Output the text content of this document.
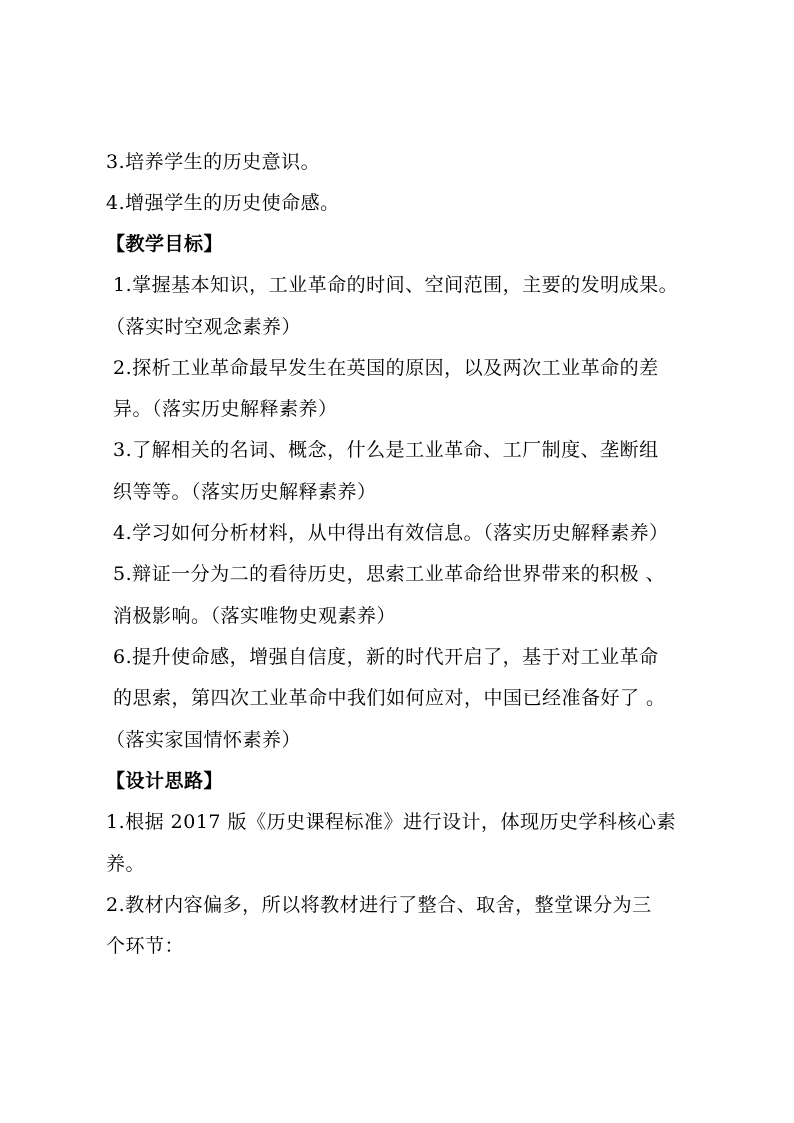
3.培养学生的历史意识。
4.增强学生的历史使命感。
【教学目标】
1.掌握基本知识，工业革命的时间、空间范围，主要的发明成果。
（落实时空观念素养）
2.探析工业革命最早发生在英国的原因，以及两次工业革命的差
异。（落实历史解释素养）
3.了解相关的名词、概念，什么是工业革命、工厂制度、垄断组
织等等。（落实历史解释素养）
4.学习如何分析材料，从中得出有效信息。（落实历史解释素养）
5.辩证一分为二的看待历史，思索工业革命给世界带来的积极 、
消极影响。（落实唯物史观素养）
6.提升使命感，增强自信度，新的时代开启了，基于对工业革命
的思索，第四次工业革命中我们如何应对，中国已经准备好了 。
（落实家国情怀素养）
【设计思路】
1.根据 2017 版《历史课程标准》进行设计，体现历史学科核心素
养。
2.教材内容偏多，所以将教材进行了整合、取舍，整堂课分为三
个环节：
